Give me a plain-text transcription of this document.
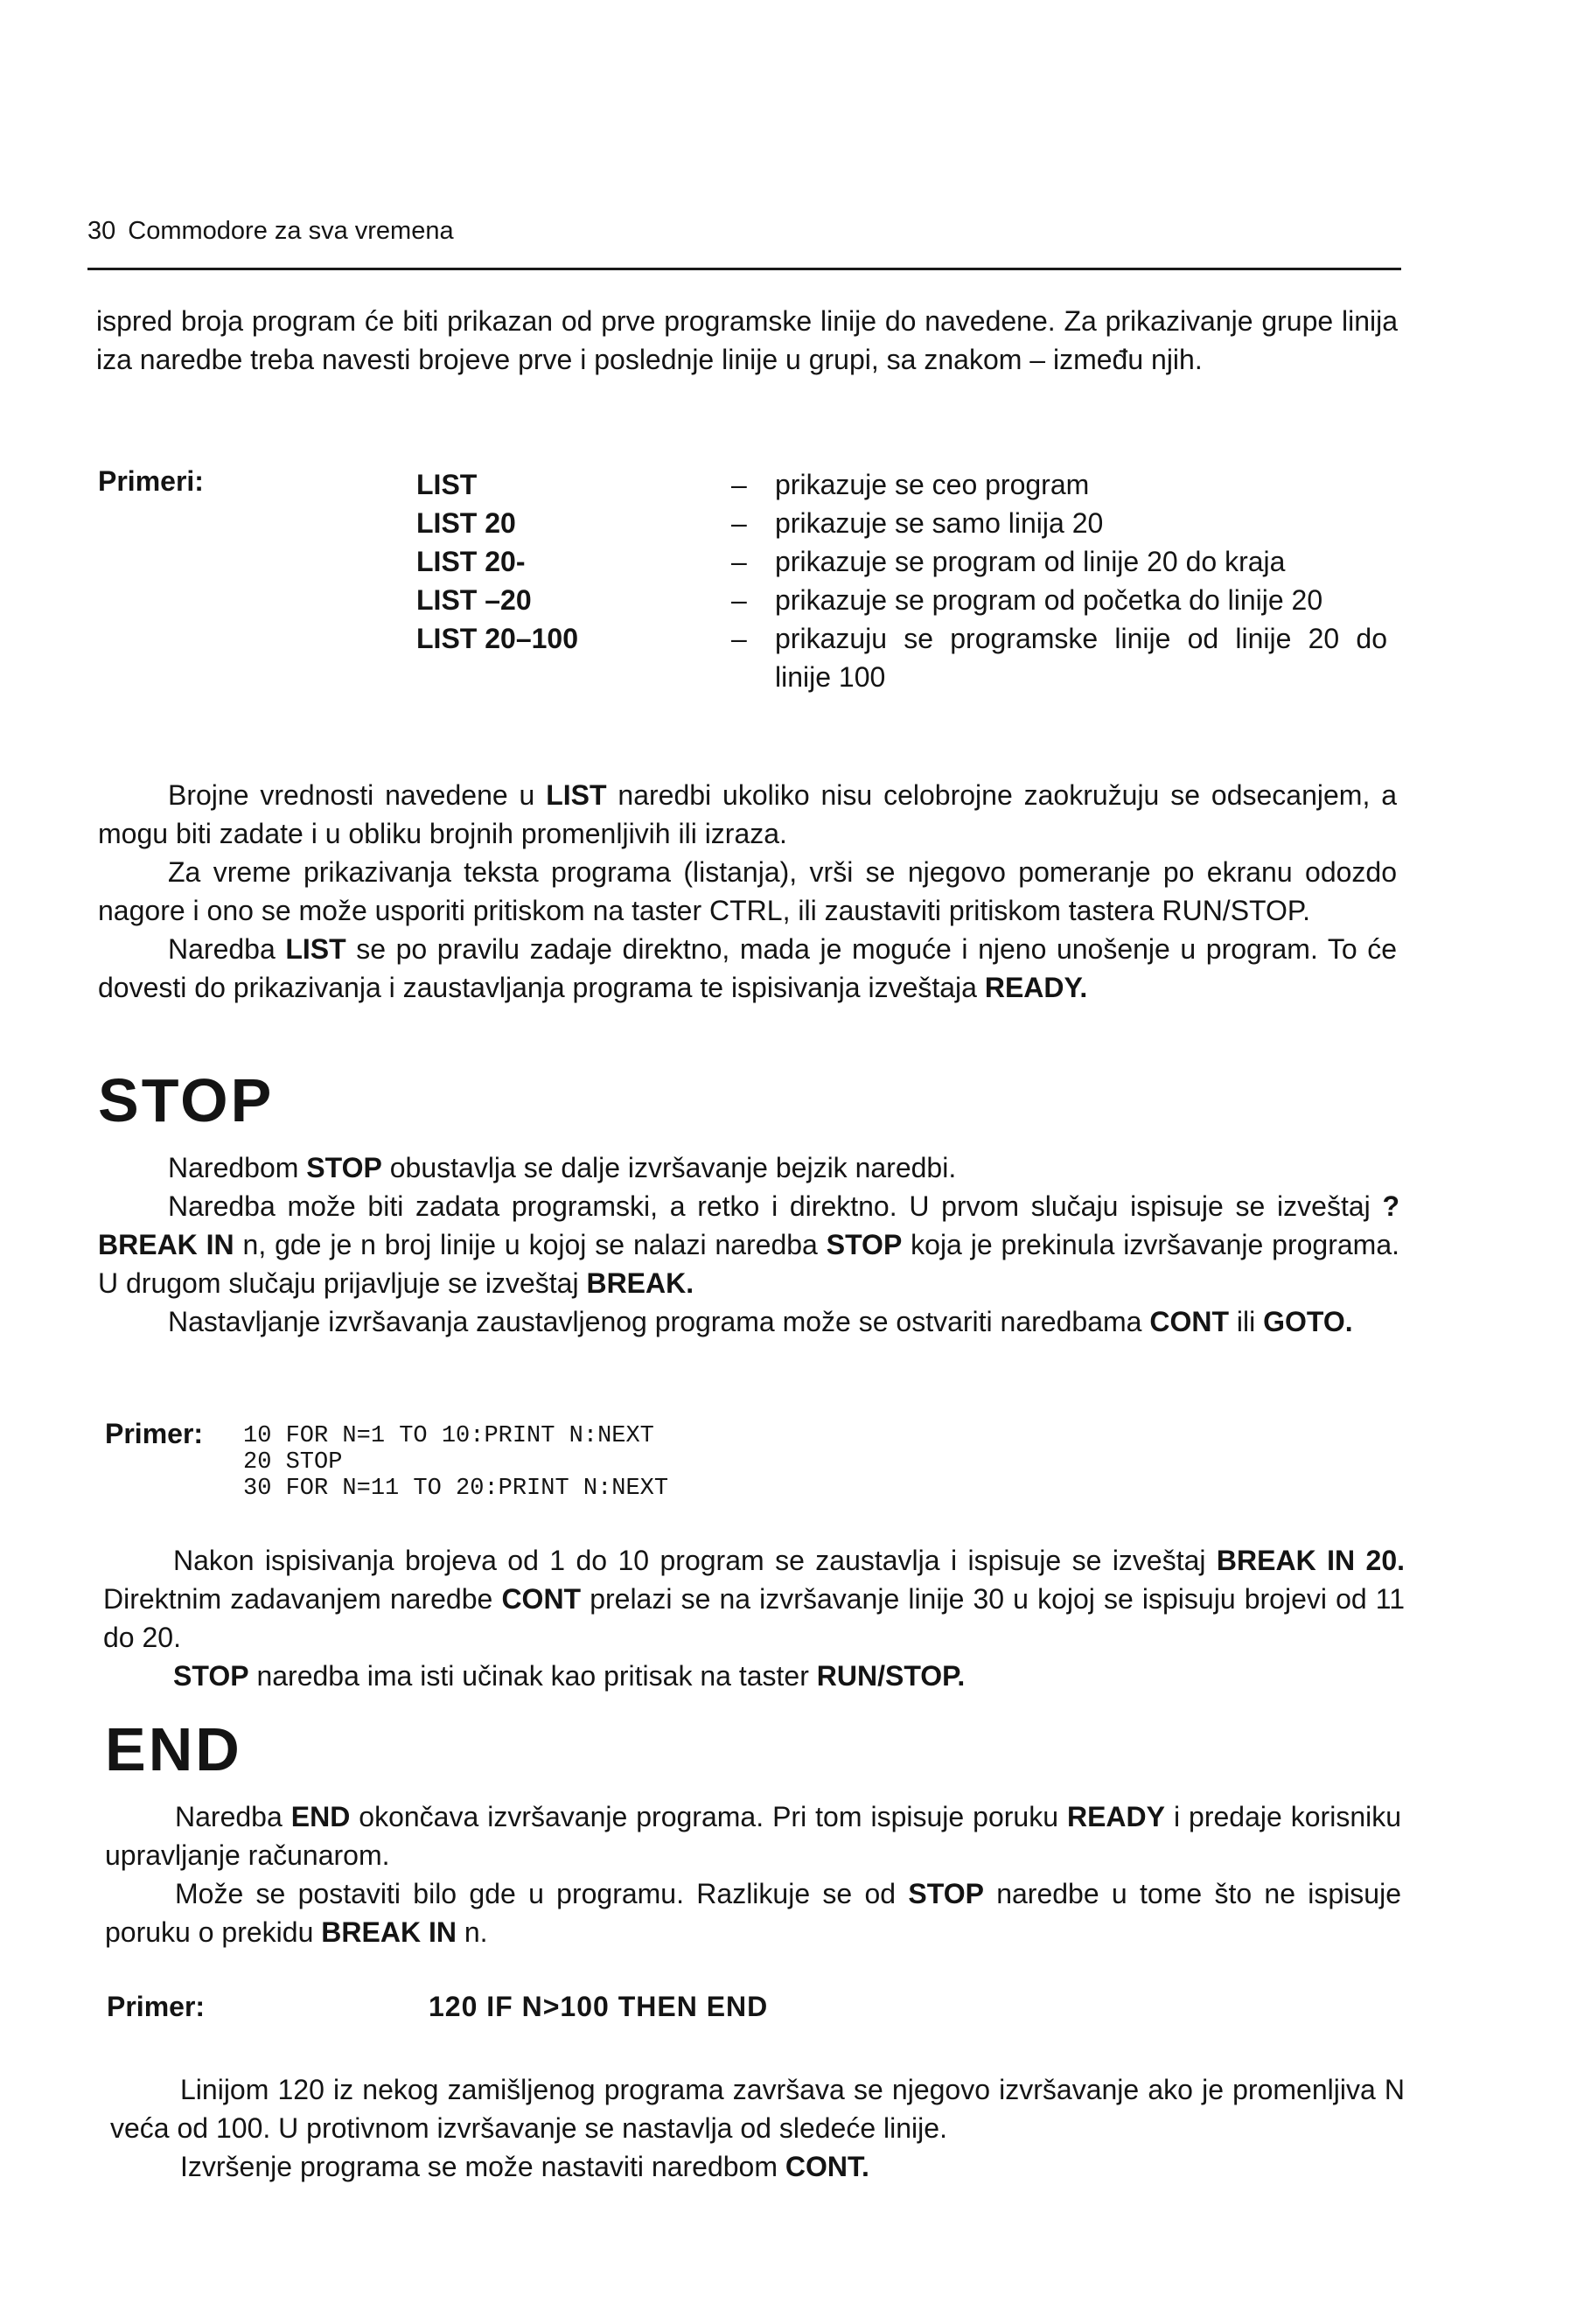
30 Commodore za sva vremena

ispred broja program će biti prikazan od prve programske linije do navedene. Za prikazivanje grupe linija iza naredbe treba navesti brojeve prve i poslednje linije u grupi, sa znakom – između njih.

Primeri:	LIST	–	prikazuje se ceo program
LIST 20	–	prikazuje se samo linija 20
LIST 20-	–	prikazuje se program od linije 20 do kraja
LIST –20	–	prikazuje se program od početka do linije 20
LIST 20–100	–	prikazuju se programske linije od linije 20 do linije 100

Brojne vrednosti navedene u LIST naredbi ukoliko nisu celobrojne zaokružuju se odsecanjem, a mogu biti zadate i u obliku brojnih promenljivih ili izraza.

Za vreme prikazivanja teksta programa (listanja), vrši se njegovo pomeranje po ekranu odozdo nagore i ono se može usporiti pritiskom na taster CTRL, ili zaustaviti pritiskom tastera RUN/STOP.

Naredba LIST se po pravilu zadaje direktno, mada je moguće i njeno unošenje u program. To će dovesti do prikazivanja i zaustavljanja programa te ispisivanja izveštaja READY.

STOP

Naredbom STOP obustavlja se dalje izvršavanje bejzik naredbi.

Naredba može biti zadata programski, a retko i direktno. U prvom slučaju ispisuje se izveštaj ?BREAK IN n, gde je n broj linije u kojoj se nalazi naredba STOP koja je prekinula izvršavanje programa. U drugom slučaju prijavljuje se izveštaj BREAK.

Nastavljanje izvršavanja zaustavljenog programa može se ostvariti naredbama CONT ili GOTO.

Primer: 10 FOR N=1 TO 10:PRINT N:NEXT
20 STOP
30 FOR N=11 TO 20:PRINT N:NEXT

Nakon ispisivanja brojeva od 1 do 10 program se zaustavlja i ispisuje se izveštaj BREAK IN 20. Direktnim zadavanjem naredbe CONT prelazi se na izvršavanje linije 30 u kojoj se ispisuju brojevi od 11 do 20.

STOP naredba ima isti učinak kao pritisak na taster RUN/STOP.

END

Naredba END okončava izvršavanje programa. Pri tom ispisuje poruku READY i predaje korisniku upravljanje računarom.

Može se postaviti bilo gde u programu. Razlikuje se od STOP naredbe u tome što ne ispisuje poruku o prekidu BREAK IN n.

Primer:	120 IF N>100 THEN END

Linijom 120 iz nekog zamišljenog programa završava se njegovo izvršavanje ako je promenljiva N veća od 100. U protivnom izvršavanje se nastavlja od sledeće linije.

Izvršenje programa se može nastaviti naredbom CONT.
